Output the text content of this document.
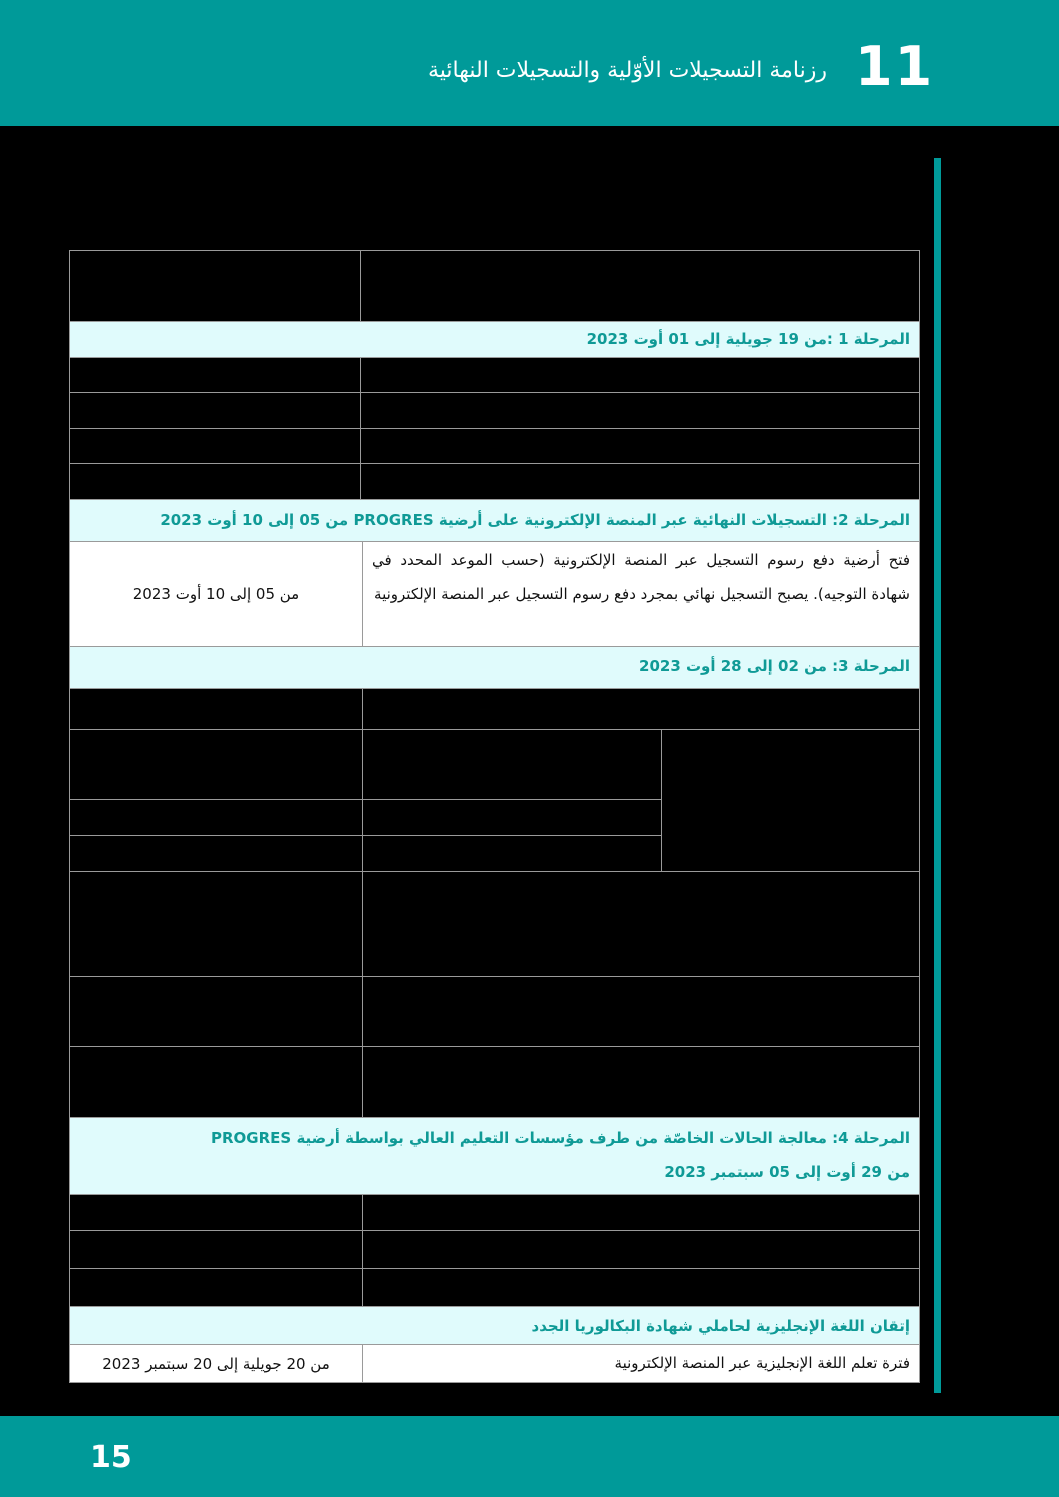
11
رزنامة التسجيلات الأوّلية والتسجيلات النهائية
المرحلة 1 :من 19 جويلية إلى 01 أوت 2023
المرحلة 2: التسجيلات النهائية عبر المنصة الإلكترونية على أرضية PROGRES من 05 إلى 10 أوت 2023
من 05 إلى 10 أوت 2023
فتح أرضية دفع رسوم التسجيل عبر المنصة الإلكترونية (حسب الموعد المحدد في شهادة التوجيه). يصبح التسجيل نهائي بمجرد دفع رسوم التسجيل عبر المنصة الإلكترونية
المرحلة 3: من 02 إلى 28 أوت 2023
المرحلة 4: معالجة الحالات الخاصّة من طرف مؤسسات التعليم العالي بواسطة أرضية PROGRES
من 29 أوت إلى 05 سبتمبر 2023
إتقان اللغة الإنجليزية لحاملي شهادة البكالوريا الجدد
من 20 جويلية إلى 20 سبتمبر 2023	فترة تعلم اللغة الإنجليزية عبر المنصة الإلكترونية
15
